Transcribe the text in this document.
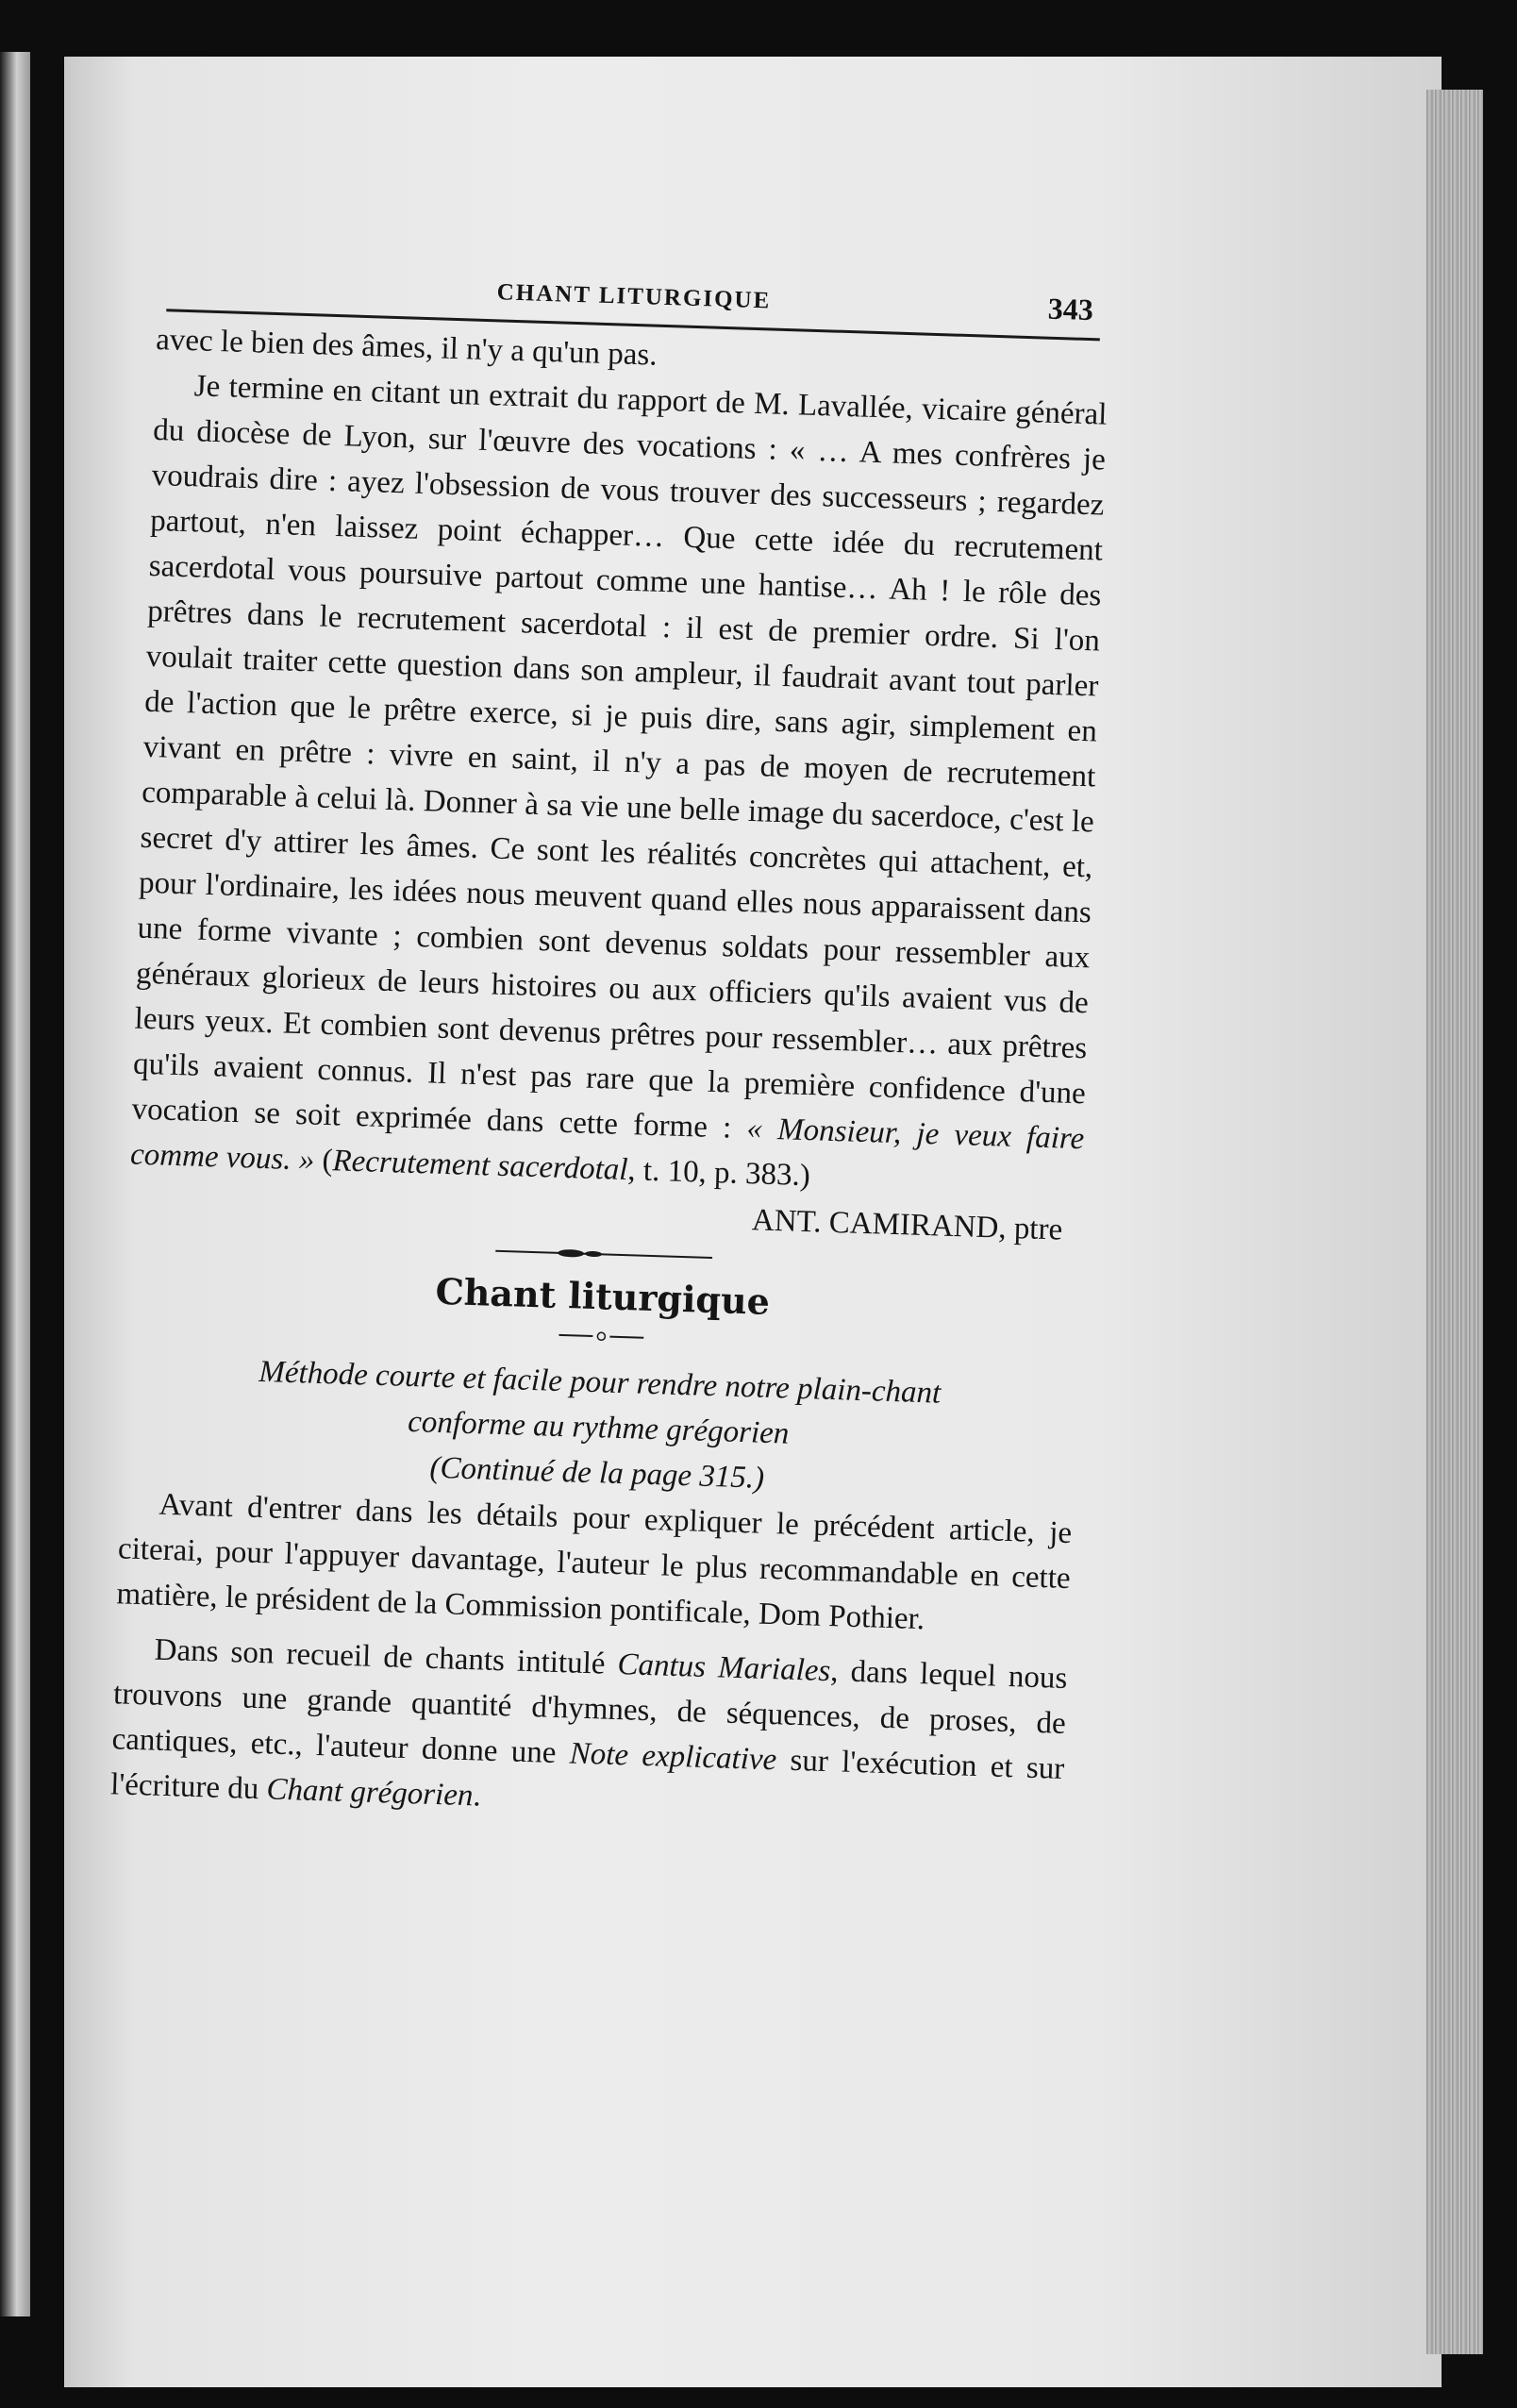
CHANT LITURGIQUE	343

avec le bien des âmes, il n'y a qu'un pas.

Je termine en citant un extrait du rapport de M. Lavallée, vicaire général du diocèse de Lyon, sur l'œuvre des vocations : « … A mes confrères je voudrais dire : ayez l'obsession de vous trouver des successeurs ; regardez partout, n'en laissez point échapper… Que cette idée du recrutement sacerdotal vous poursuive partout comme une hantise… Ah ! le rôle des prêtres dans le recrutement sacerdotal : il est de premier ordre. Si l'on voulait traiter cette question dans son ampleur, il faudrait avant tout parler de l'action que le prêtre exerce, si je puis dire, sans agir, simplement en vivant en prêtre : vivre en saint, il n'y a pas de moyen de recrutement comparable à celui là. Donner à sa vie une belle image du sacerdoce, c'est le secret d'y attirer les âmes. Ce sont les réalités concrètes qui attachent, et, pour l'ordinaire, les idées nous meuvent quand elles nous apparaissent dans une forme vivante ; combien sont devenus soldats pour ressembler aux généraux glorieux de leurs histoires ou aux officiers qu'ils avaient vus de leurs yeux. Et combien sont devenus prêtres pour ressembler… aux prêtres qu'ils avaient connus. Il n'est pas rare que la première confidence d'une vocation se soit exprimée dans cette forme : « Monsieur, je veux faire comme vous. » (Recrutement sacerdotal, t. 10, p. 383.)

ANT. CAMIRAND, ptre
Chant liturgique
Méthode courte et facile pour rendre notre plain-chant
conforme au rythme grégorien
(Continué de la page 315.)

Avant d'entrer dans les détails pour expliquer le précédent article, je citerai, pour l'appuyer davantage, l'auteur le plus recommandable en cette matière, le président de la Commission pontificale, Dom Pothier.

Dans son recueil de chants intitulé Cantus Mariales, dans lequel nous trouvons une grande quantité d'hymnes, de séquences, de proses, de cantiques, etc., l'auteur donne une Note explicative sur l'exécution et sur l'écriture du Chant grégorien.
